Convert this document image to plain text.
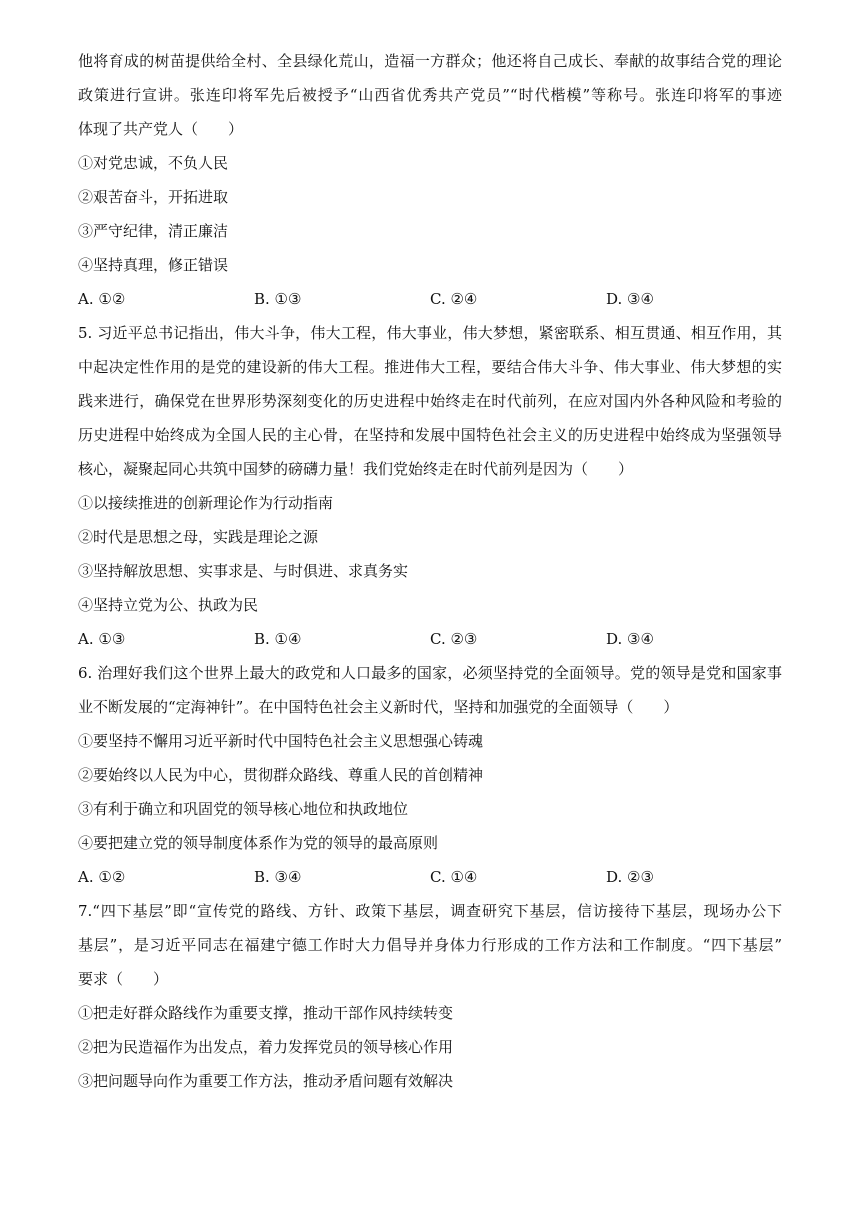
他将育成的树苗提供给全村、全县绿化荒山，造福一方群众；他还将自己成长、奉献的故事结合党的理论
政策进行宣讲。张连印将军先后被授予“山西省优秀共产党员”“时代楷模”等称号。张连印将军的事迹
体现了共产党人（　　）
①对党忠诚，不负人民
②艰苦奋斗，开拓进取
③严守纪律，清正廉洁
④坚持真理，修正错误
A. ①②	B. ①③	C. ②④	D. ③④
5. 习近平总书记指出，伟大斗争，伟大工程，伟大事业，伟大梦想，紧密联系、相互贯通、相互作用，其
中起决定性作用的是党的建设新的伟大工程。推进伟大工程，要结合伟大斗争、伟大事业、伟大梦想的实
践来进行，确保党在世界形势深刻变化的历史进程中始终走在时代前列，在应对国内外各种风险和考验的
历史进程中始终成为全国人民的主心骨，在坚持和发展中国特色社会主义的历史进程中始终成为坚强领导
核心，凝聚起同心共筑中国梦的磅礴力量！我们党始终走在时代前列是因为（　　）
①以接续推进的创新理论作为行动指南
②时代是思想之母，实践是理论之源
③坚持解放思想、实事求是、与时俱进、求真务实
④坚持立党为公、执政为民
A. ①③	B. ①④	C. ②③	D. ③④
6. 治理好我们这个世界上最大的政党和人口最多的国家，必须坚持党的全面领导。党的领导是党和国家事
业不断发展的“定海神针”。在中国特色社会主义新时代，坚持和加强党的全面领导（　　）
①要坚持不懈用习近平新时代中国特色社会主义思想强心铸魂
②要始终以人民为中心，贯彻群众路线、尊重人民的首创精神
③有利于确立和巩固党的领导核心地位和执政地位
④要把建立党的领导制度体系作为党的领导的最高原则
A. ①②	B. ③④	C. ①④	D. ②③
7.“四下基层”即“宣传党的路线、方针、政策下基层，调查研究下基层，信访接待下基层，现场办公下
基层”，是习近平同志在福建宁德工作时大力倡导并身体力行形成的工作方法和工作制度。“四下基层”
要求（　　）
①把走好群众路线作为重要支撑，推动干部作风持续转变
②把为民造福作为出发点，着力发挥党员的领导核心作用
③把问题导向作为重要工作方法，推动矛盾问题有效解决
